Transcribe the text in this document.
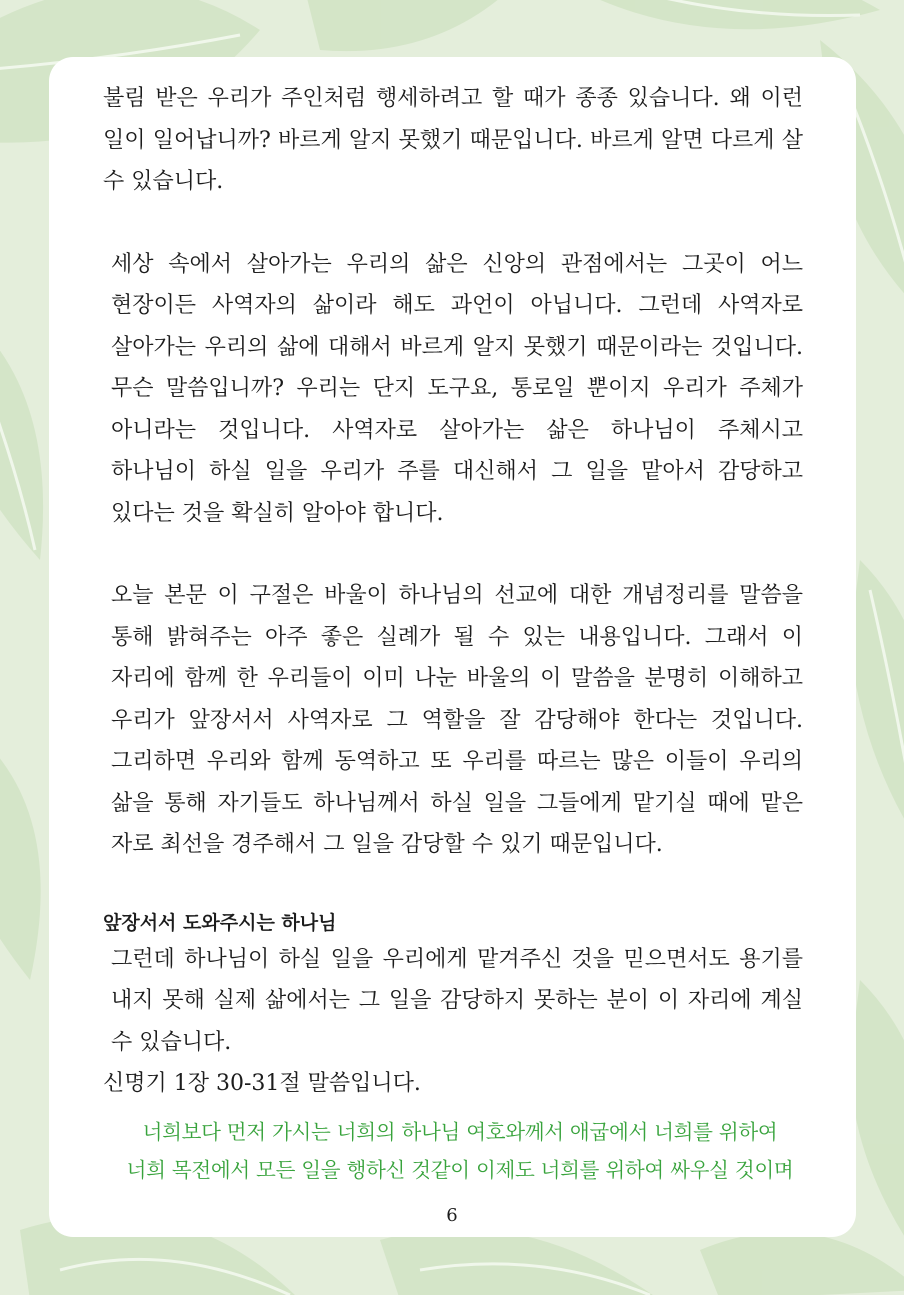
불림 받은 우리가 주인처럼 행세하려고 할 때가 종종 있습니다. 왜 이런 일이 일어납니까? 바르게 알지 못했기 때문입니다. 바르게 알면 다르게 살 수 있습니다.

세상 속에서 살아가는 우리의 삶은 신앙의 관점에서는 그곳이 어느 현장이든 사역자의 삶이라 해도 과언이 아닙니다. 그런데 사역자로 살아가는 우리의 삶에 대해서 바르게 알지 못했기 때문이라는 것입니다. 무슨 말씀입니까? 우리는 단지 도구요, 통로일 뿐이지 우리가 주체가 아니라는 것입니다. 사역자로 살아가는 삶은 하나님이 주체시고 하나님이 하실 일을 우리가 주를 대신해서 그 일을 맡아서 감당하고 있다는 것을 확실히 알아야 합니다.

오늘 본문 이 구절은 바울이 하나님의 선교에 대한 개념정리를 말씀을 통해 밝혀주는 아주 좋은 실례가 될 수 있는 내용입니다. 그래서 이 자리에 함께 한 우리들이 이미 나눈 바울의 이 말씀을 분명히 이해하고 우리가 앞장서서 사역자로 그 역할을 잘 감당해야 한다는 것입니다. 그리하면 우리와 함께 동역하고 또 우리를 따르는 많은 이들이 우리의 삶을 통해 자기들도 하나님께서 하실 일을 그들에게 맡기실 때에 맡은 자로 최선을 경주해서 그 일을 감당할 수 있기 때문입니다.

앞장서서 도와주시는 하나님

그런데 하나님이 하실 일을 우리에게 맡겨주신 것을 믿으면서도 용기를 내지 못해 실제 삶에서는 그 일을 감당하지 못하는 분이 이 자리에 계실 수 있습니다.

신명기 1장 30-31절 말씀입니다.

너희보다 먼저 가시는 너희의 하나님 여호와께서 애굽에서 너희를 위하여
너희 목전에서 모든 일을 행하신 것같이 이제도 너희를 위하여 싸우실 것이며
6
